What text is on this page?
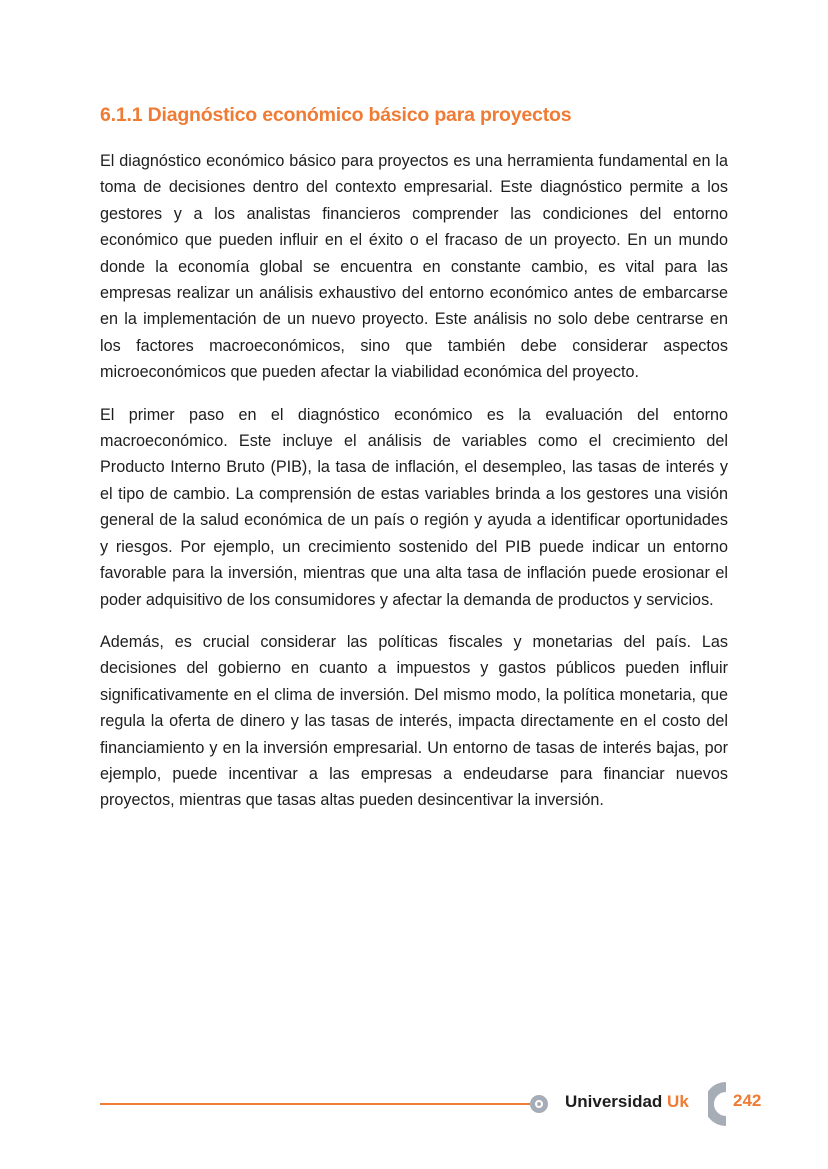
6.1.1 Diagnóstico económico básico para proyectos

El diagnóstico económico básico para proyectos es una herramienta fundamental en la toma de decisiones dentro del contexto empresarial. Este diagnóstico permite a los gestores y a los analistas financieros comprender las condiciones del entorno económico que pueden influir en el éxito o el fracaso de un proyecto. En un mundo donde la economía global se encuentra en constante cambio, es vital para las empresas realizar un análisis exhaustivo del entorno económico antes de embarcarse en la implementación de un nuevo proyecto. Este análisis no solo debe centrarse en los factores macroeconómicos, sino que también debe considerar aspectos microeconómicos que pueden afectar la viabilidad económica del proyecto.

El primer paso en el diagnóstico económico es la evaluación del entorno macroeconómico. Este incluye el análisis de variables como el crecimiento del Producto Interno Bruto (PIB), la tasa de inflación, el desempleo, las tasas de interés y el tipo de cambio. La comprensión de estas variables brinda a los gestores una visión general de la salud económica de un país o región y ayuda a identificar oportunidades y riesgos. Por ejemplo, un crecimiento sostenido del PIB puede indicar un entorno favorable para la inversión, mientras que una alta tasa de inflación puede erosionar el poder adquisitivo de los consumidores y afectar la demanda de productos y servicios.

Además, es crucial considerar las políticas fiscales y monetarias del país. Las decisiones del gobierno en cuanto a impuestos y gastos públicos pueden influir significativamente en el clima de inversión. Del mismo modo, la política monetaria, que regula la oferta de dinero y las tasas de interés, impacta directamente en el costo del financiamiento y en la inversión empresarial. Un entorno de tasas de interés bajas, por ejemplo, puede incentivar a las empresas a endeudarse para financiar nuevos proyectos, mientras que tasas altas pueden desincentivar la inversión.

Universidad Uk	242
